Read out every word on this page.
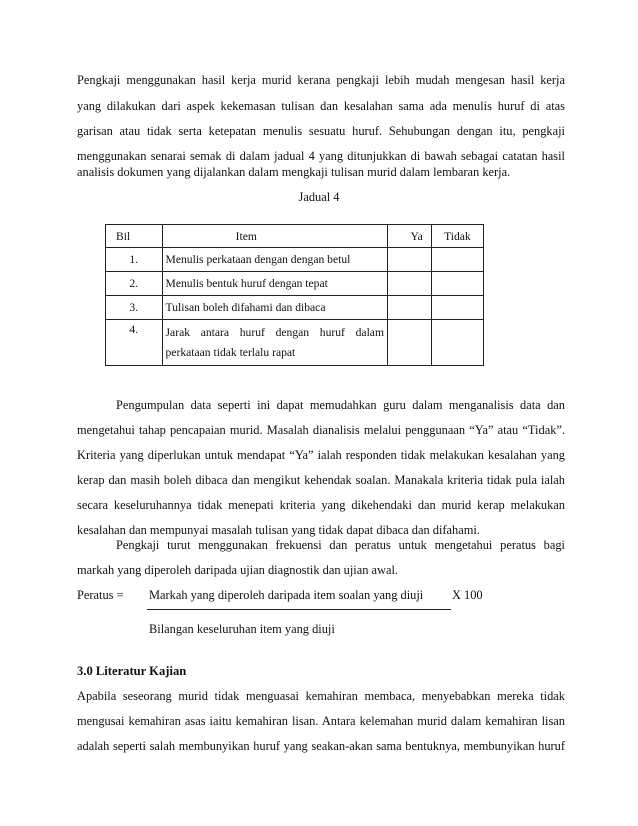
Pengkaji menggunakan hasil kerja murid kerana pengkaji lebih mudah mengesan hasil kerja
yang dilakukan dari aspek kekemasan tulisan dan kesalahan sama ada menulis huruf di atas
garisan atau tidak serta ketepatan menulis sesuatu huruf. Sehubungan dengan itu, pengkaji
menggunakan senarai semak di dalam jadual 4 yang ditunjukkan di bawah sebagai catatan hasil
analisis dokumen yang dijalankan dalam mengkaji tulisan murid dalam lembaran kerja.
Jadual 4
Bil	Item	Ya	Tidak
1.	Menulis perkataan dengan dengan betul		
2.	Menulis bentuk huruf dengan tepat		
3.	Tulisan boleh difahami dan dibaca		
4.	Jarak antara huruf dengan huruf dalam
perkataan tidak terlalu rapat		

Pengumpulan data seperti ini dapat memudahkan guru dalam menganalisis data dan
mengetahui tahap pencapaian murid. Masalah dianalisis melalui penggunaan “Ya” atau “Tidak”.
Kriteria yang diperlukan untuk mendapat “Ya” ialah responden tidak melakukan kesalahan yang
kerap dan masih boleh dibaca dan mengikut kehendak soalan. Manakala kriteria tidak pula ialah
secara keseluruhannya tidak menepati kriteria yang dikehendaki dan murid kerap melakukan
kesalahan dan mempunyai masalah tulisan yang tidak dapat dibaca dan difahami.
Pengkaji turut menggunakan frekuensi dan peratus untuk mengetahui peratus bagi
markah yang diperoleh daripada ujian diagnostik dan ujian awal.
Peratus = Markah yang diperoleh daripada item soalan yang diuji X 100
Bilangan keseluruhan item yang diuji
3.0 Literatur Kajian
Apabila seseorang murid tidak menguasai kemahiran membaca, menyebabkan mereka tidak
mengusai kemahiran asas iaitu kemahiran lisan. Antara kelemahan murid dalam kemahiran lisan
adalah seperti salah membunyikan huruf yang seakan-akan sama bentuknya, membunyikan huruf
